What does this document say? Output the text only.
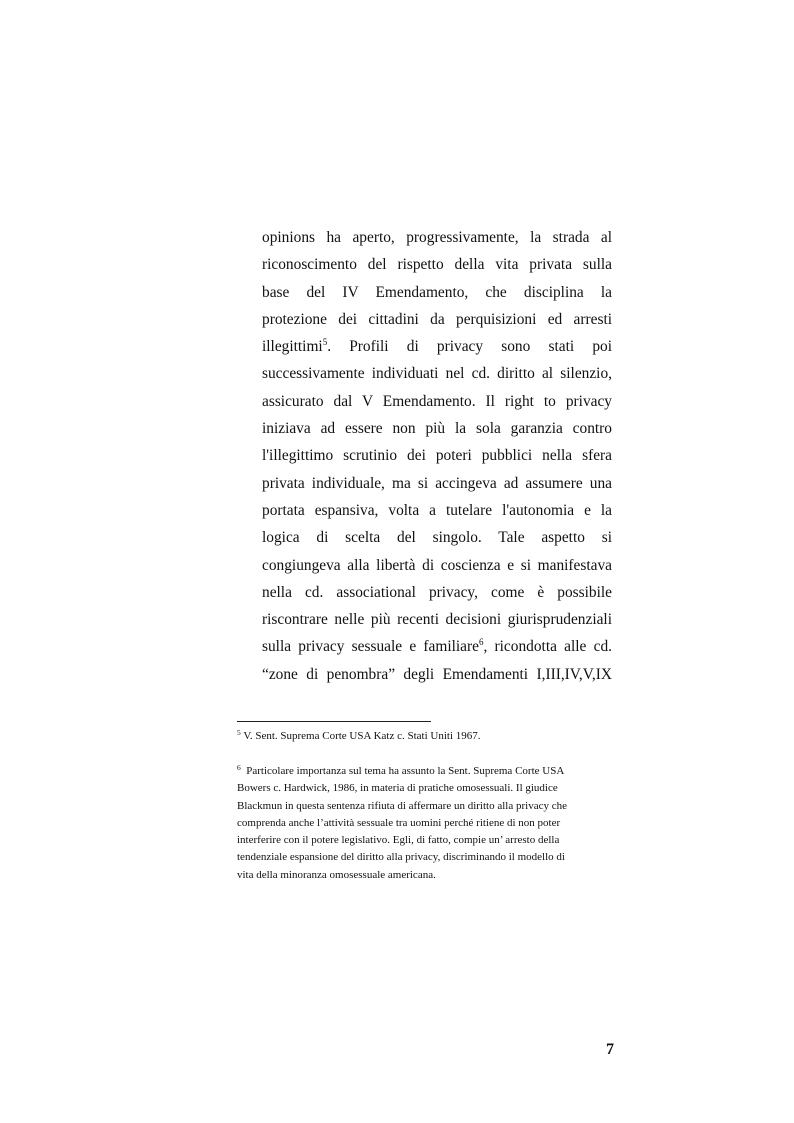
opinions ha aperto, progressivamente, la strada al
riconoscimento del rispetto della vita privata sulla
base del IV Emendamento, che disciplina la
protezione dei cittadini da perquisizioni ed arresti
illegittimi$^5$. Profili di privacy sono stati poi
successivamente individuati nel cd. diritto al silenzio,
assicurato dal V Emendamento. Il right to privacy
iniziava ad essere non più la sola garanzia contro
l'illegittimo scrutinio dei poteri pubblici nella sfera
privata individuale, ma si accingeva ad assumere una
portata espansiva, volta a tutelare l'autonomia e la
logica di scelta del singolo. Tale aspetto si
congiungeva alla libertà di coscienza e si manifestava
nella cd. associational privacy, come è possibile
riscontrare nelle più recenti decisioni giurisprudenziali
sulla privacy sessuale e familiare$^6$, ricondotta alle cd.
“zone di penombra” degli Emendamenti I,III,IV,V,IX
$^5$ V. Sent. Suprema Corte USA Katz c. Stati Uniti 1967.
$^6$ Particolare importanza sul tema ha assunto la Sent. Suprema Corte USA
Bowers c. Hardwick, 1986, in materia di pratiche omosessuali. Il giudice
Blackmun in questa sentenza rifiuta di affermare un diritto alla privacy che
comprenda anche l’attività sessuale tra uomini perché ritiene di non poter
interferire con il potere legislativo. Egli, di fatto, compie un’ arresto della
tendenziale espansione del diritto alla privacy, discriminando il modello di
vita della minoranza omosessuale americana.
7
